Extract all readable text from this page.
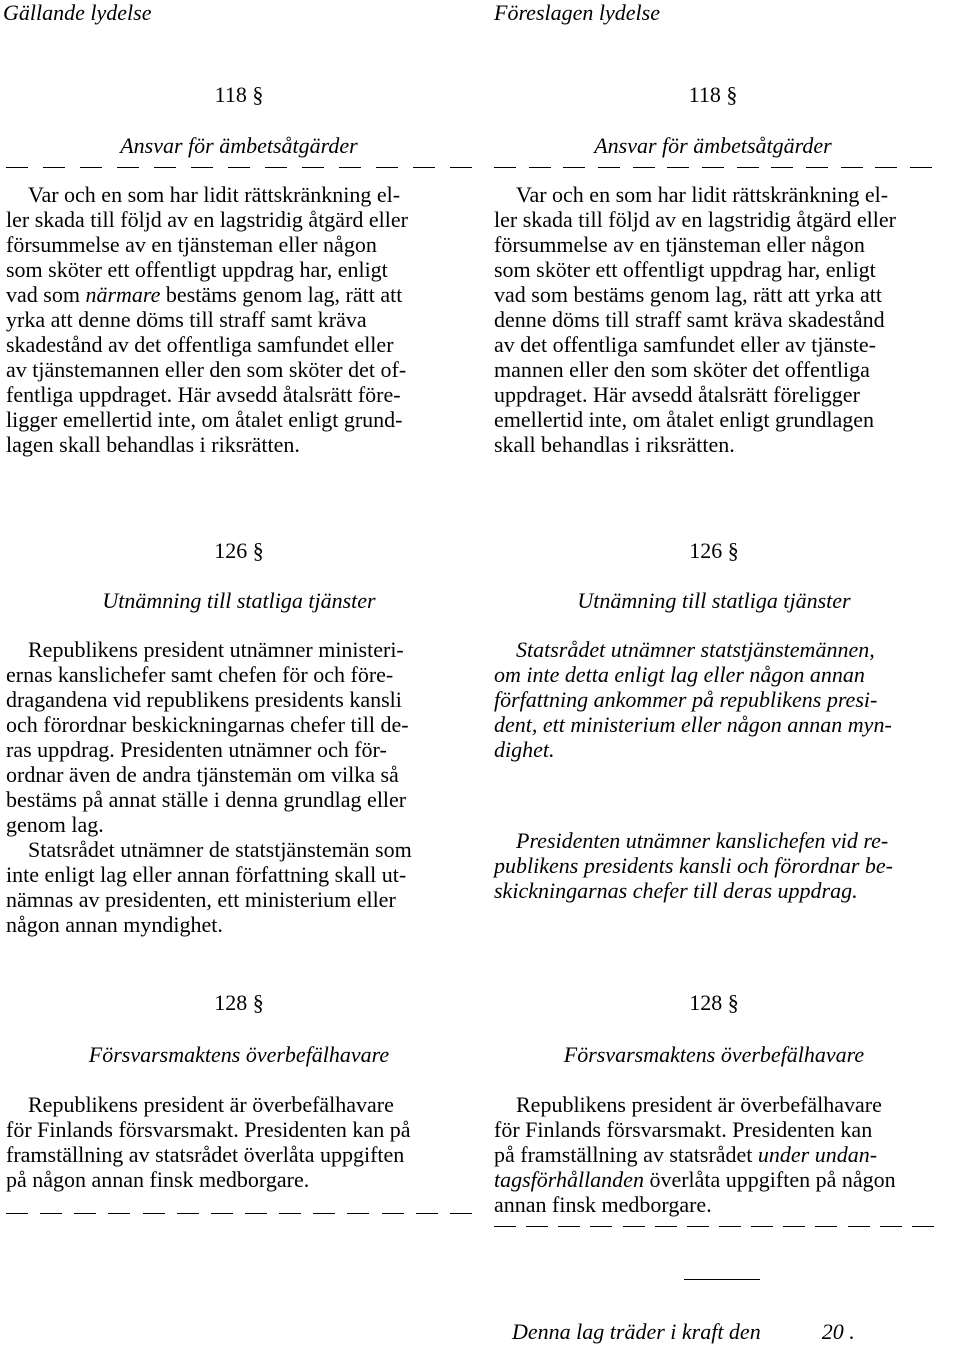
Gällande lydelse	Föreslagen lydelse
118 §
Ansvar för ämbetsåtgärder
Var och en som har lidit rättskränkning el-
ler skada till följd av en lagstridig åtgärd eller
försummelse av en tjänsteman eller någon
som sköter ett offentligt uppdrag har, enligt
vad som närmare bestäms genom lag, rätt att
yrka att denne döms till straff samt kräva
skadestånd av det offentliga samfundet eller
av tjänstemannen eller den som sköter det of-
fentliga uppdraget. Här avsedd åtalsrätt före-
ligger emellertid inte, om åtalet enligt grund-
lagen skall behandlas i riksrätten.
118 §
Ansvar för ämbetsåtgärder
Var och en som har lidit rättskränkning el-
ler skada till följd av en lagstridig åtgärd eller
försummelse av en tjänsteman eller någon
som sköter ett offentligt uppdrag har, enligt
vad som bestäms genom lag, rätt att yrka att
denne döms till straff samt kräva skadestånd
av det offentliga samfundet eller av tjänste-
mannen eller den som sköter det offentliga
uppdraget. Här avsedd åtalsrätt föreligger
emellertid inte, om åtalet enligt grundlagen
skall behandlas i riksrätten.
126 §
Utnämning till statliga tjänster
Republikens president utnämner ministeri-
ernas kanslichefer samt chefen för och före-
dragandena vid republikens presidents kansli
och förordnar beskickningarnas chefer till de-
ras uppdrag. Presidenten utnämner och för-
ordnar även de andra tjänstemän om vilka så
bestäms på annat ställe i denna grundlag eller
genom lag.
Statsrådet utnämner de statstjänstemän som
inte enligt lag eller annan författning skall ut-
nämnas av presidenten, ett ministerium eller
någon annan myndighet.
126 §
Utnämning till statliga tjänster
Statsrådet utnämner statstjänstemännen,
om inte detta enligt lag eller någon annan
författning ankommer på republikens presi-
dent, ett ministerium eller någon annan myn-
dighet.
Presidenten utnämner kanslichefen vid re-
publikens presidents kansli och förordnar be-
skickningarnas chefer till deras uppdrag.
128 §
Försvarsmaktens överbefälhavare
Republikens president är överbefälhavare
för Finlands försvarsmakt. Presidenten kan på
framställning av statsrådet överlåta uppgiften
på någon annan finsk medborgare.
128 §
Försvarsmaktens överbefälhavare
Republikens president är överbefälhavare
för Finlands försvarsmakt. Presidenten kan
på framställning av statsrådet under undan-
tagsförhållanden överlåta uppgiften på någon
annan finsk medborgare.
Denna lag träder i kraft den	20 .
